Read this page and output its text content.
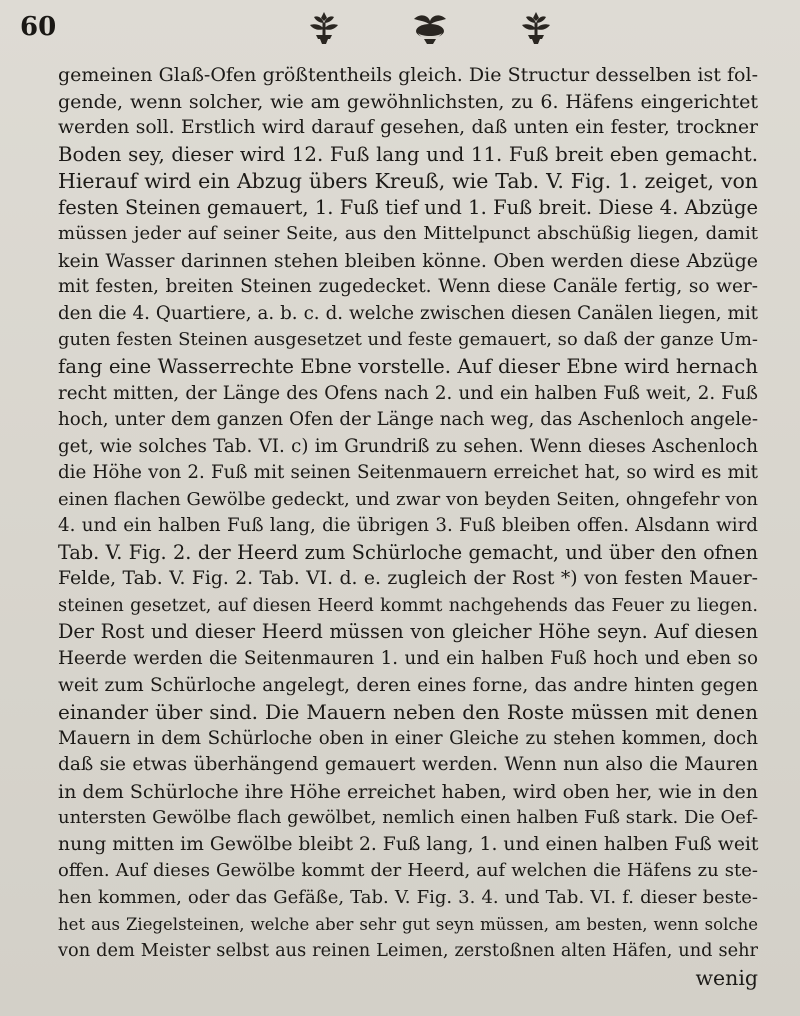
60
gemeinen Glaß-Ofen größtentheils gleich. Die Structur desselben ist fol-
gende, wenn solcher, wie am gewöhnlichsten, zu 6. Häfens eingerichtet
werden soll. Erstlich wird darauf gesehen, daß unten ein fester, trockner
Boden sey, dieser wird 12. Fuß lang und 11. Fuß breit eben gemacht.
Hierauf wird ein Abzug übers Kreuß, wie Tab. V. Fig. 1. zeiget, von
festen Steinen gemauert, 1. Fuß tief und 1. Fuß breit. Diese 4. Abzüge
müssen jeder auf seiner Seite, aus den Mittelpunct abschüßig liegen, damit
kein Wasser darinnen stehen bleiben könne. Oben werden diese Abzüge
mit festen, breiten Steinen zugedecket. Wenn diese Canäle fertig, so wer-
den die 4. Quartiere, a. b. c. d. welche zwischen diesen Canälen liegen, mit
guten festen Steinen ausgesetzet und feste gemauert, so daß der ganze Um-
fang eine Wasserrechte Ebne vorstelle. Auf dieser Ebne wird hernach
recht mitten, der Länge des Ofens nach 2. und ein halben Fuß weit, 2. Fuß
hoch, unter dem ganzen Ofen der Länge nach weg, das Aschenloch angele-
get, wie solches Tab. VI. c) im Grundriß zu sehen. Wenn dieses Aschenloch
die Höhe von 2. Fuß mit seinen Seitenmauern erreichet hat, so wird es mit
einen flachen Gewölbe gedeckt, und zwar von beyden Seiten, ohngefehr von
4. und ein halben Fuß lang, die übrigen 3. Fuß bleiben offen. Alsdann wird
Tab. V. Fig. 2. der Heerd zum Schürloche gemacht, und über den ofnen
Felde, Tab. V. Fig. 2. Tab. VI. d. e. zugleich der Rost *) von festen Mauer-
steinen gesetzet, auf diesen Heerd kommt nachgehends das Feuer zu liegen.
Der Rost und dieser Heerd müssen von gleicher Höhe seyn. Auf diesen
Heerde werden die Seitenmauren 1. und ein halben Fuß hoch und eben so
weit zum Schürloche angelegt, deren eines forne, das andre hinten gegen
einander über sind. Die Mauern neben den Roste müssen mit denen
Mauern in dem Schürloche oben in einer Gleiche zu stehen kommen, doch
daß sie etwas überhängend gemauert werden. Wenn nun also die Mauren
in dem Schürloche ihre Höhe erreichet haben, wird oben her, wie in den
untersten Gewölbe flach gewölbet, nemlich einen halben Fuß stark. Die Oef-
nung mitten im Gewölbe bleibt 2. Fuß lang, 1. und einen halben Fuß weit
offen. Auf dieses Gewölbe kommt der Heerd, auf welchen die Häfens zu ste-
hen kommen, oder das Gefäße, Tab. V. Fig. 3. 4. und Tab. VI. f. dieser beste-
het aus Ziegelsteinen, welche aber sehr gut seyn müssen, am besten, wenn solche
von dem Meister selbst aus reinen Leimen, zerstoßnen alten Häfen, und sehr
wenig
